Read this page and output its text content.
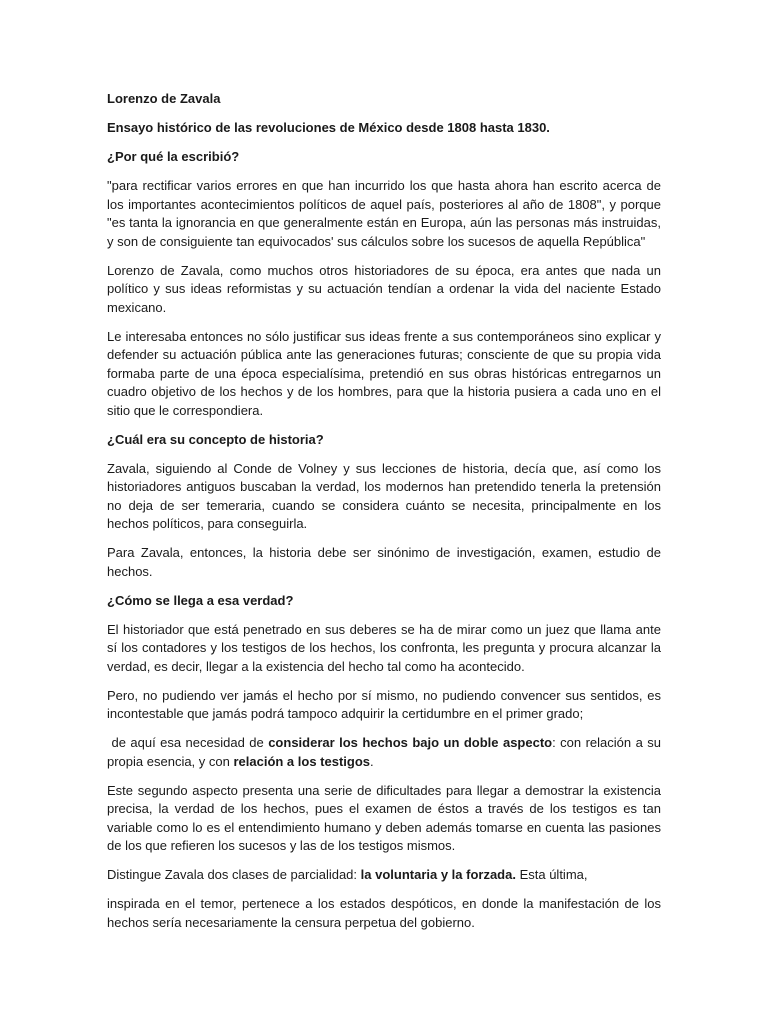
Lorenzo de Zavala

Ensayo histórico de las revoluciones de México desde 1808 hasta 1830.

¿Por qué la escribió?

"para rectificar varios errores en que han incurrido los que hasta ahora han escrito acerca de los importantes acontecimientos políticos de aquel país, posteriores al año de 1808", y porque "es tanta la ignorancia en que generalmente están en Europa, aún las personas más instruidas, y son de consiguiente tan equivocados' sus cálculos sobre los sucesos de aquella República"

Lorenzo de Zavala, como muchos otros historiadores de su época, era antes que nada un político y sus ideas reformistas y su actuación tendían a ordenar la vida del naciente Estado mexicano.

Le interesaba entonces no sólo justificar sus ideas frente a sus contemporáneos sino explicar y defender su actuación pública ante las generaciones futuras; consciente de que su propia vida formaba parte de una época especialísima, pretendió en sus obras históricas entregarnos un cuadro objetivo de los hechos y de los hombres, para que la historia pusiera a cada uno en el sitio que le correspondiera.

¿Cuál era su concepto de historia?

Zavala, siguiendo al Conde de Volney y sus lecciones de historia, decía que, así como los historiadores antiguos buscaban la verdad, los modernos han pretendido tenerla la pretensión no deja de ser temeraria, cuando se considera cuánto se necesita, principalmente en los hechos políticos, para conseguirla.

Para Zavala, entonces, la historia debe ser sinónimo de investigación, examen, estudio de hechos.

¿Cómo se llega a esa verdad?

El historiador que está penetrado en sus deberes se ha de mirar como un juez que llama ante sí los contadores y los testigos de los hechos, los confronta, les pregunta y procura alcanzar la verdad, es decir, llegar a la existencia del hecho tal como ha acontecido.

Pero, no pudiendo ver jamás el hecho por sí mismo, no pudiendo convencer sus sentidos, es incontestable que jamás podrá tampoco adquirir la certidumbre en el primer grado;

de aquí esa necesidad de considerar los hechos bajo un doble aspecto: con relación a su propia esencia, y con relación a los testigos.

Este segundo aspecto presenta una serie de dificultades para llegar a demostrar la existencia precisa, la verdad de los hechos, pues el examen de éstos a través de los testigos es tan variable como lo es el entendimiento humano y deben además tomarse en cuenta las pasiones de los que refieren los sucesos y las de los testigos mismos.

Distingue Zavala dos clases de parcialidad: la voluntaria y la forzada. Esta última,

inspirada en el temor, pertenece a los estados despóticos, en donde la manifestación de los hechos sería necesariamente la censura perpetua del gobierno.
